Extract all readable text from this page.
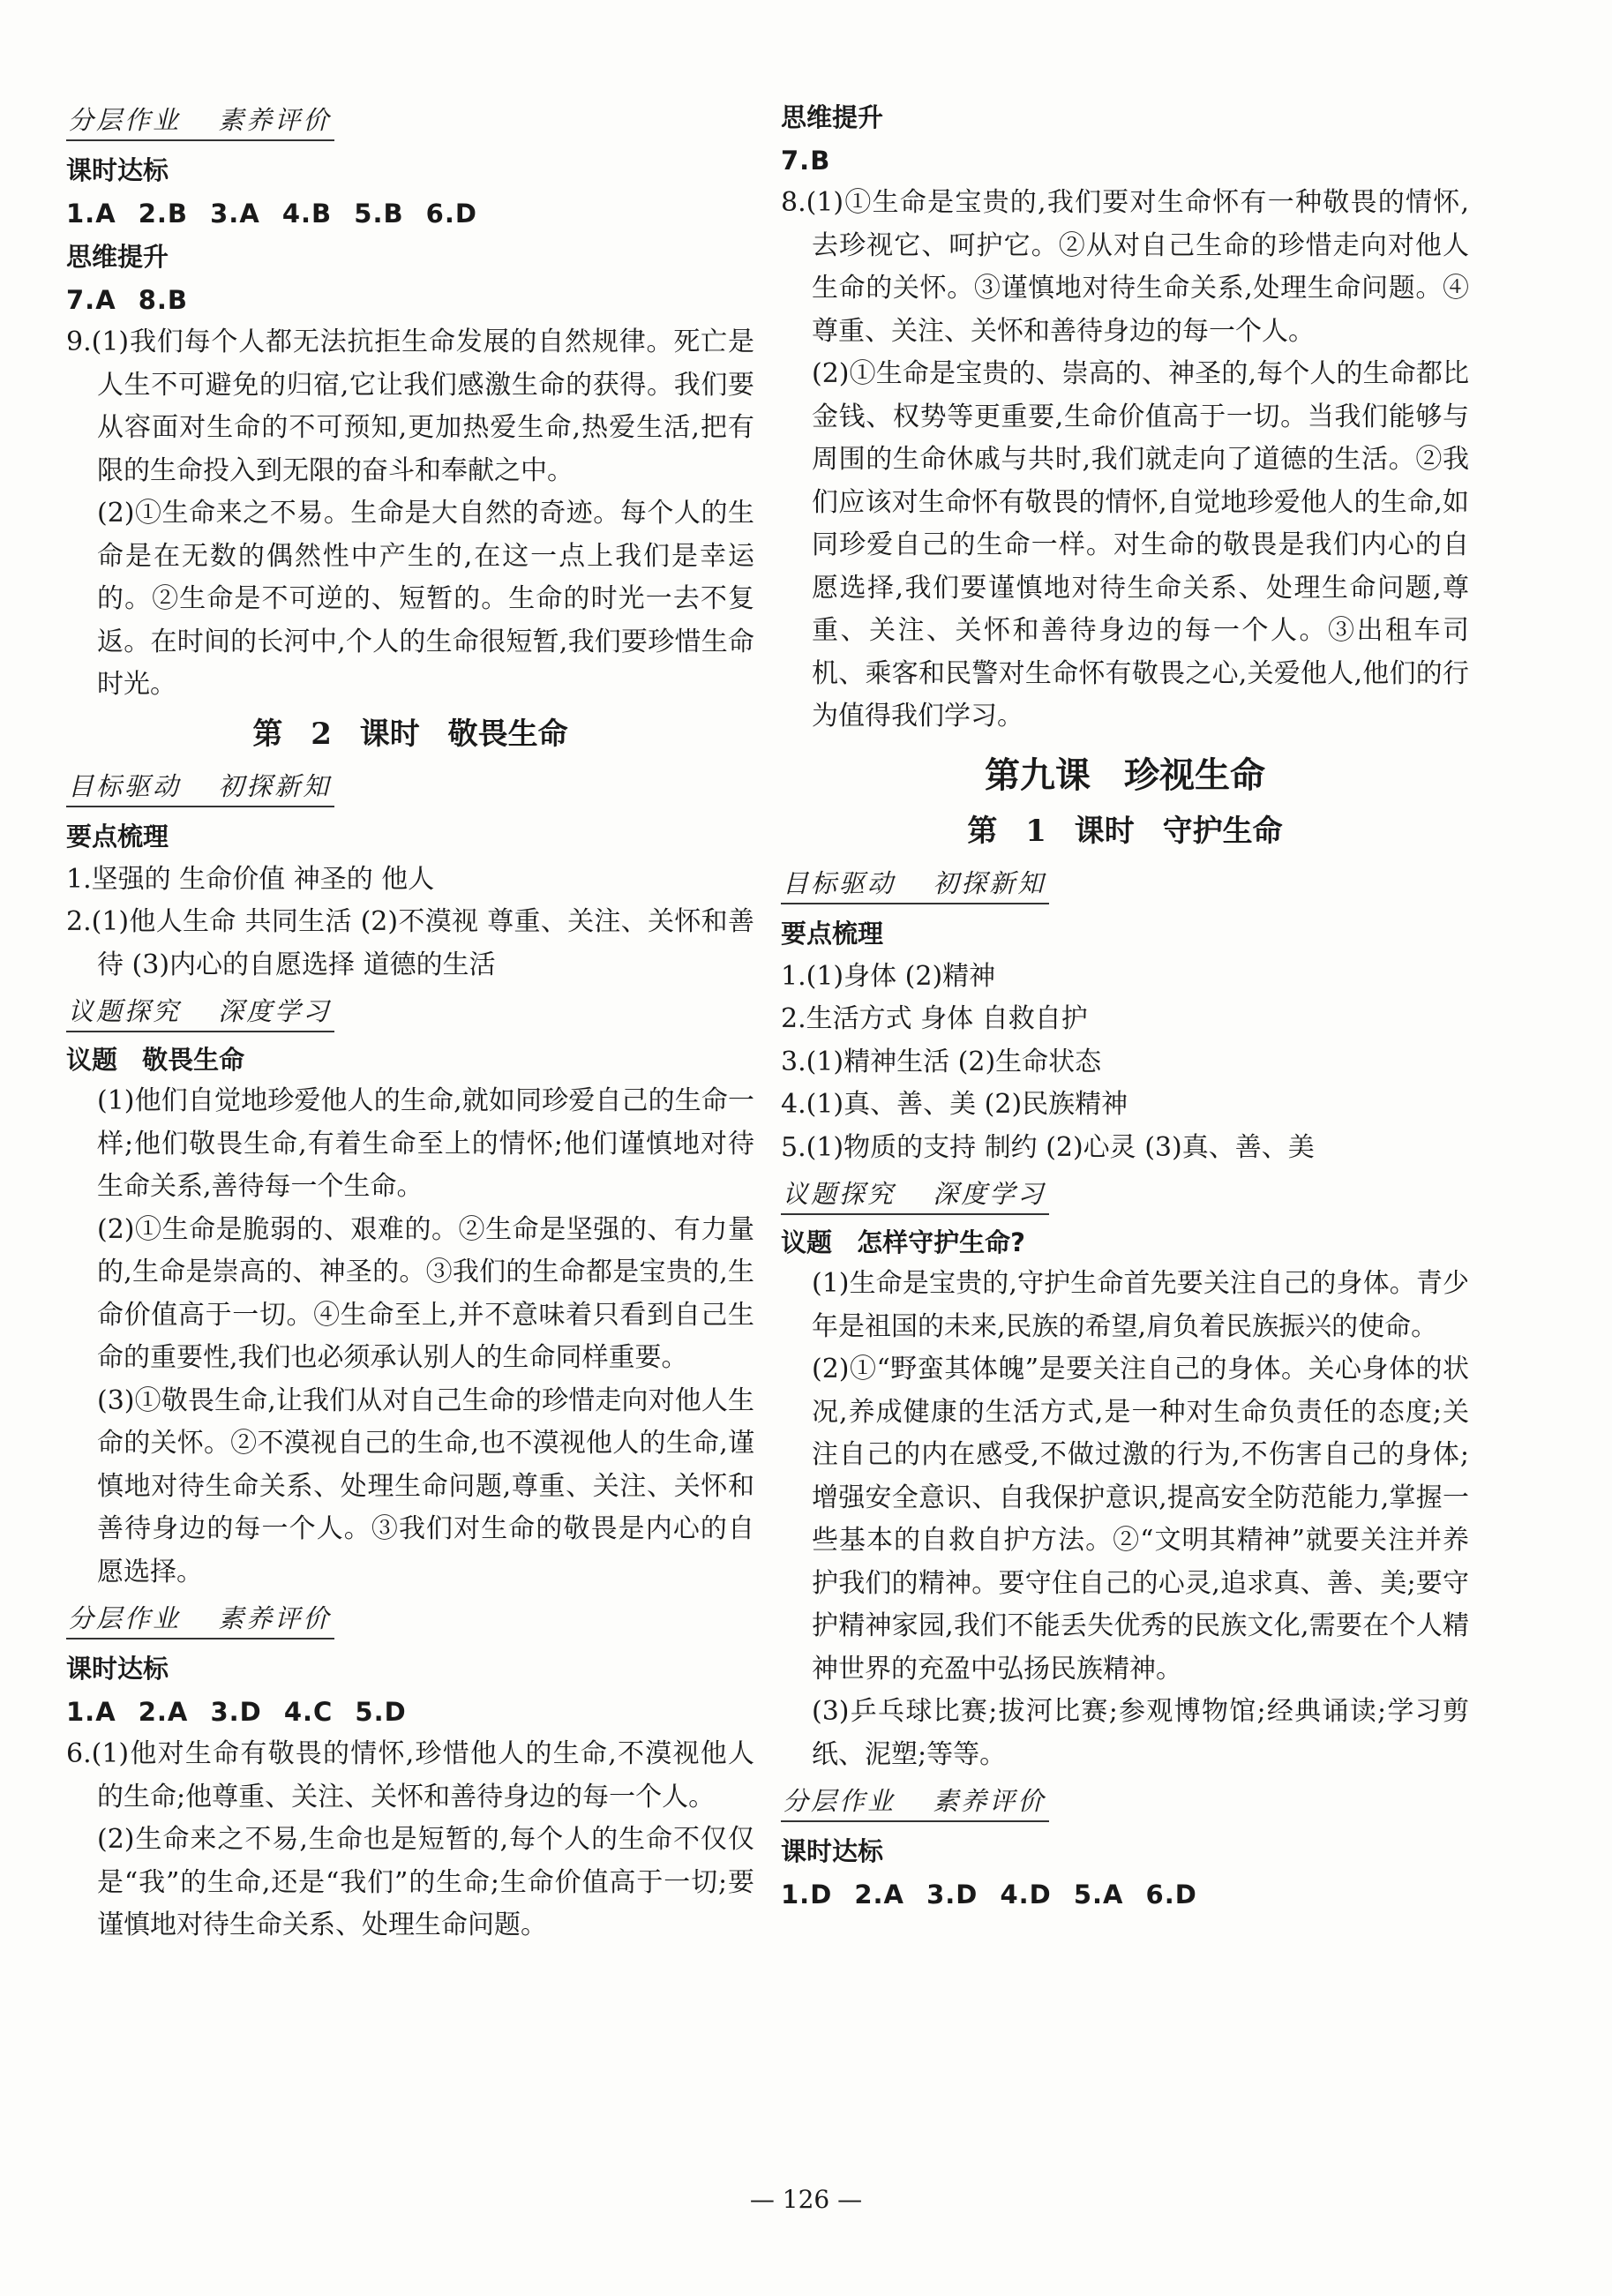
分层作业 素养评价
课时达标
1.A 2.B 3.A 4.B 5.B 6.D
思维提升
7.A 8.B
9.(1)我们每个人都无法抗拒生命发展的自然规律。死亡是人生不可避免的归宿,它让我们感激生命的获得。我们要从容面对生命的不可预知,更加热爱生命,热爱生活,把有限的生命投入到无限的奋斗和奉献之中。
(2)①生命来之不易。生命是大自然的奇迹。每个人的生命是在无数的偶然性中产生的,在这一点上我们是幸运的。②生命是不可逆的、短暂的。生命的时光一去不复返。在时间的长河中,个人的生命很短暂,我们要珍惜生命时光。
第 2 课时 敬畏生命
目标驱动 初探新知
要点梳理
1.坚强的 生命价值 神圣的 他人
2.(1)他人生命 共同生活 (2)不漠视 尊重、关注、关怀和善待 (3)内心的自愿选择 道德的生活
议题探究 深度学习
议题 敬畏生命
(1)他们自觉地珍爱他人的生命,就如同珍爱自己的生命一样;他们敬畏生命,有着生命至上的情怀;他们谨慎地对待生命关系,善待每一个生命。
(2)①生命是脆弱的、艰难的。②生命是坚强的、有力量的,生命是崇高的、神圣的。③我们的生命都是宝贵的,生命价值高于一切。④生命至上,并不意味着只看到自己生命的重要性,我们也必须承认别人的生命同样重要。
(3)①敬畏生命,让我们从对自己生命的珍惜走向对他人生命的关怀。②不漠视自己的生命,也不漠视他人的生命,谨慎地对待生命关系、处理生命问题,尊重、关注、关怀和善待身边的每一个人。③我们对生命的敬畏是内心的自愿选择。
分层作业 素养评价
课时达标
1.A 2.A 3.D 4.C 5.D
6.(1)他对生命有敬畏的情怀,珍惜他人的生命,不漠视他人的生命;他尊重、关注、关怀和善待身边的每一个人。
(2)生命来之不易,生命也是短暂的,每个人的生命不仅仅是“我”的生命,还是“我们”的生命;生命价值高于一切;要谨慎地对待生命关系、处理生命问题。
思维提升
7.B
8.(1)①生命是宝贵的,我们要对生命怀有一种敬畏的情怀,去珍视它、呵护它。②从对自己生命的珍惜走向对他人生命的关怀。③谨慎地对待生命关系,处理生命问题。④尊重、关注、关怀和善待身边的每一个人。
(2)①生命是宝贵的、崇高的、神圣的,每个人的生命都比金钱、权势等更重要,生命价值高于一切。当我们能够与周围的生命休戚与共时,我们就走向了道德的生活。②我们应该对生命怀有敬畏的情怀,自觉地珍爱他人的生命,如同珍爱自己的生命一样。对生命的敬畏是我们内心的自愿选择,我们要谨慎地对待生命关系、处理生命问题,尊重、关注、关怀和善待身边的每一个人。③出租车司机、乘客和民警对生命怀有敬畏之心,关爱他人,他们的行为值得我们学习。
第九课 珍视生命
第 1 课时 守护生命
目标驱动 初探新知
要点梳理
1.(1)身体 (2)精神
2.生活方式 身体 自救自护
3.(1)精神生活 (2)生命状态
4.(1)真、善、美 (2)民族精神
5.(1)物质的支持 制约 (2)心灵 (3)真、善、美
议题探究 深度学习
议题 怎样守护生命?
(1)生命是宝贵的,守护生命首先要关注自己的身体。青少年是祖国的未来,民族的希望,肩负着民族振兴的使命。
(2)①“野蛮其体魄”是要关注自己的身体。关心身体的状况,养成健康的生活方式,是一种对生命负责任的态度;关注自己的内在感受,不做过激的行为,不伤害自己的身体;增强安全意识、自我保护意识,提高安全防范能力,掌握一些基本的自救自护方法。②“文明其精神”就要关注并养护我们的精神。要守住自己的心灵,追求真、善、美;要守护精神家园,我们不能丢失优秀的民族文化,需要在个人精神世界的充盈中弘扬民族精神。
(3)乒乓球比赛;拔河比赛;参观博物馆;经典诵读;学习剪纸、泥塑;等等。
分层作业 素养评价
课时达标
1.D 2.A 3.D 4.D 5.A 6.D
— 126 —
